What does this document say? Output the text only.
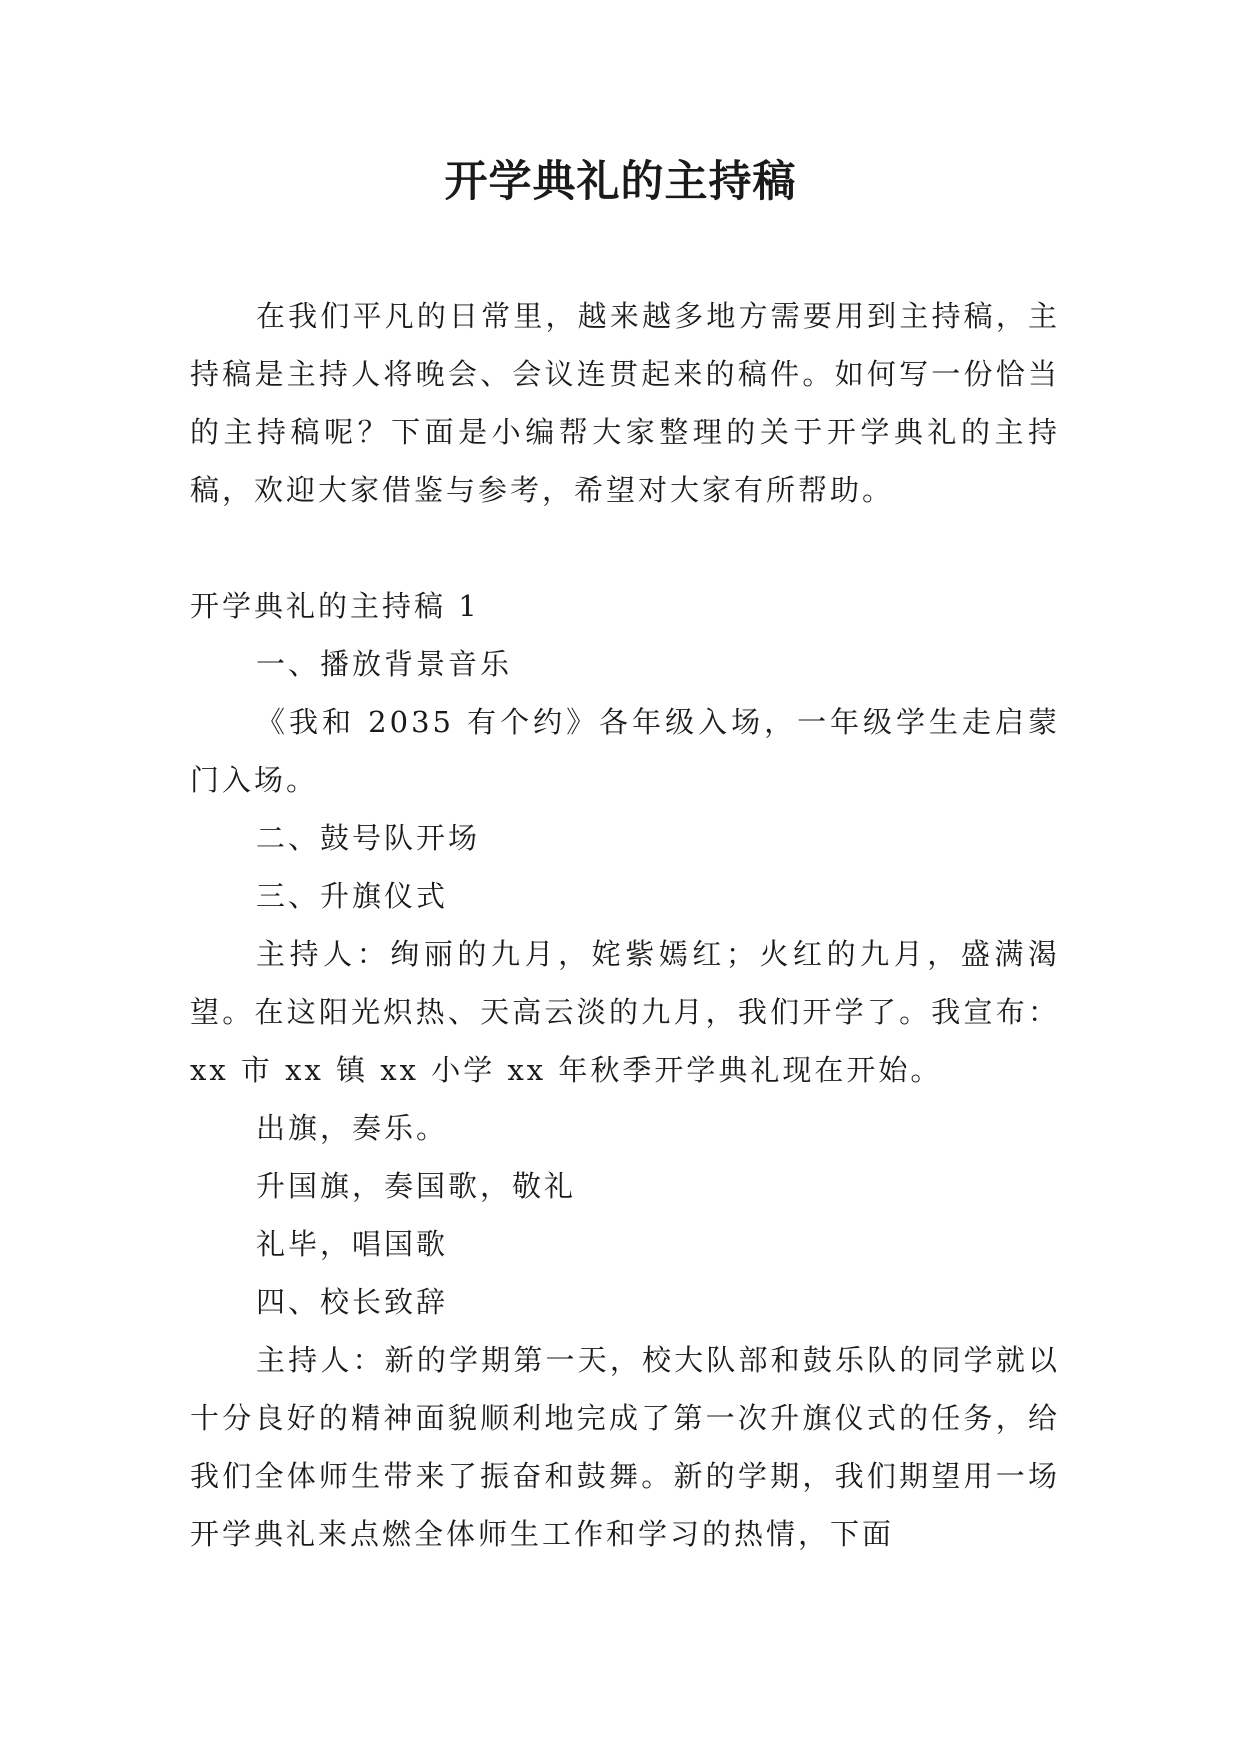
开学典礼的主持稿

在我们平凡的日常里，越来越多地方需要用到主持稿，主持稿是主持人将晚会、会议连贯起来的稿件。如何写一份恰当的主持稿呢？下面是小编帮大家整理的关于开学典礼的主持稿，欢迎大家借鉴与参考，希望对大家有所帮助。

开学典礼的主持稿 1

一、播放背景音乐

《我和 2035 有个约》各年级入场，一年级学生走启蒙门入场。

二、鼓号队开场

三、升旗仪式

主持人：绚丽的九月，姹紫嫣红；火红的九月，盛满渴望。在这阳光炽热、天高云淡的九月，我们开学了。我宣布：xx 市 xx 镇 xx 小学 xx 年秋季开学典礼现在开始。

出旗，奏乐。

升国旗，奏国歌，敬礼

礼毕，唱国歌

四、校长致辞

主持人：新的学期第一天，校大队部和鼓乐队的同学就以十分良好的精神面貌顺利地完成了第一次升旗仪式的任务，给我们全体师生带来了振奋和鼓舞。新的学期，我们期望用一场开学典礼来点燃全体师生工作和学习的热情，下面
